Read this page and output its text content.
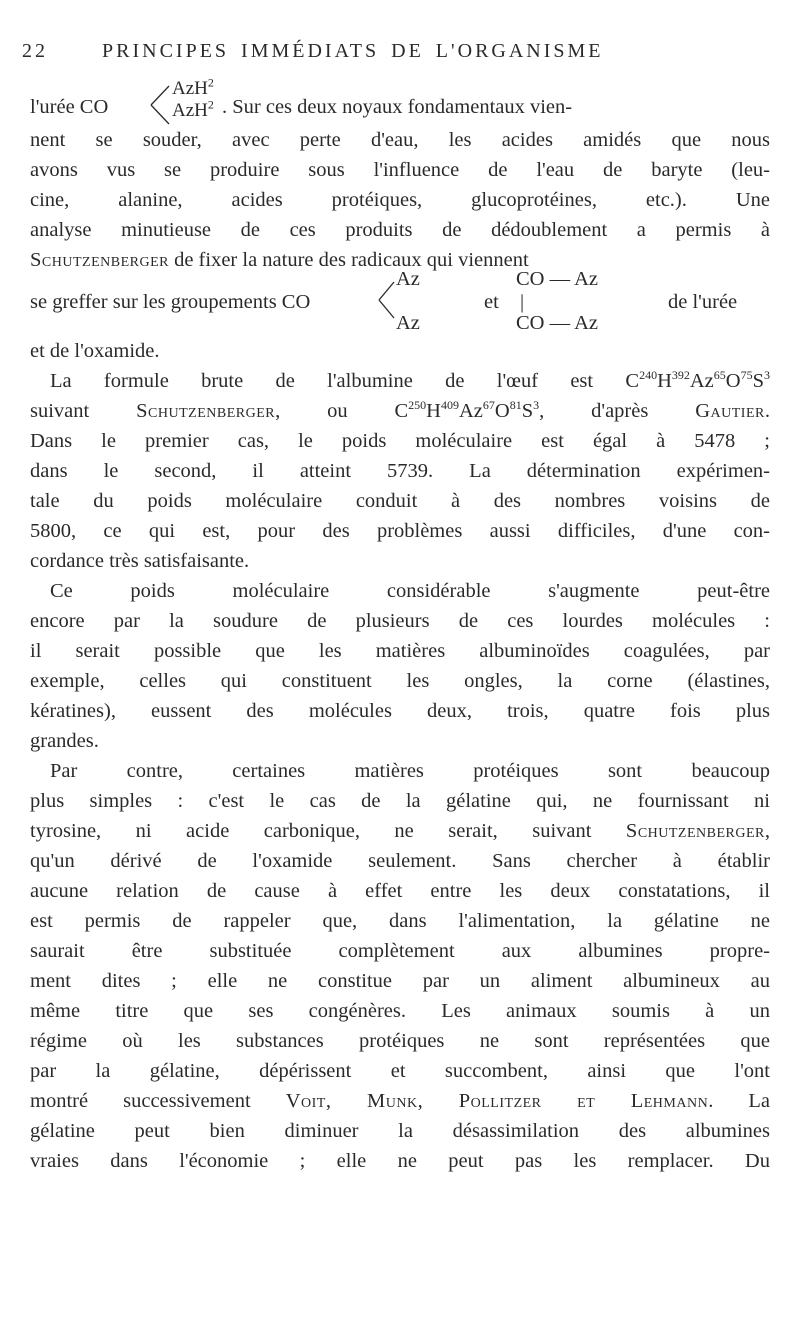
22	PRINCIPES IMMÉDIATS DE L'ORGANISME
l'urée CO
AzH$^2$
AzH$^2$ . Sur ces deux noyaux fondamentaux vien-
nent se souder, avec perte d'eau, les acides amidés que nous
avons vus se produire sous l'influence de l'eau de baryte (leu-
cine, alanine, acides protéiques, glucoprotéines, etc.). Une
analyse minutieuse de ces produits de dédoublement a permis à
Schutzenberger de fixer la nature des radicaux qui viennent
se greffer sur les groupements CO
Az
Az
et
CO — Az
|
CO — Az
de l'urée
et de l'oxamide.
La formule brute de l'albumine de l'œuf est $C^{240}H^{392}Az^{65}O^{75}S^3$
suivant Schutzenberger, ou $C^{250}H^{409}Az^{67}O^{81}S^3$, d'après Gautier.
Dans le premier cas, le poids moléculaire est égal à 5478 ;
dans le second, il atteint 5739. La détermination expérimen-
tale du poids moléculaire conduit à des nombres voisins de
5800, ce qui est, pour des problèmes aussi difficiles, d'une con-
cordance très satisfaisante.
Ce poids moléculaire considérable s'augmente peut-être
encore par la soudure de plusieurs de ces lourdes molécules :
il serait possible que les matières albuminoïdes coagulées, par
exemple, celles qui constituent les ongles, la corne (élastines,
kératines), eussent des molécules deux, trois, quatre fois plus
grandes.
Par contre, certaines matières protéiques sont beaucoup
plus simples : c'est le cas de la gélatine qui, ne fournissant ni
tyrosine, ni acide carbonique, ne serait, suivant Schutzenberger,
qu'un dérivé de l'oxamide seulement. Sans chercher à établir
aucune relation de cause à effet entre les deux constatations, il
est permis de rappeler que, dans l'alimentation, la gélatine ne
saurait être substituée complètement aux albumines propre-
ment dites ; elle ne constitue par un aliment albumineux au
même titre que ses congénères. Les animaux soumis à un
régime où les substances protéiques ne sont représentées que
par la gélatine, dépérissent et succombent, ainsi que l'ont
montré successivement Voit, Munk, Pollitzer et Lehmann. La
gélatine peut bien diminuer la désassimilation des albumines
vraies dans l'économie ; elle ne peut pas les remplacer. Du
